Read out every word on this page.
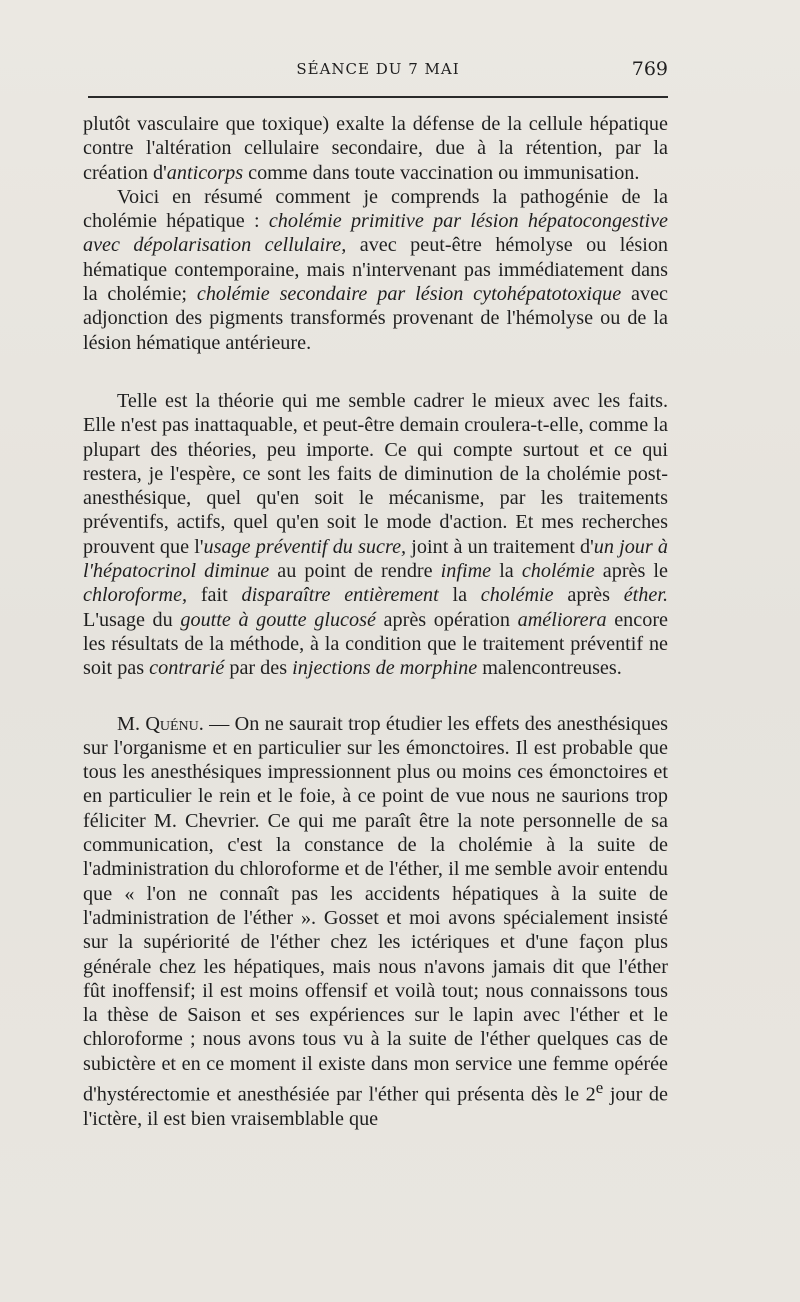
SÉANCE DU 7 MAI	769

plutôt vasculaire que toxique) exalte la défense de la cellule hépatique contre l'altération cellulaire secondaire, due à la rétention, par la création d'anticorps comme dans toute vaccination ou immunisation.

Voici en résumé comment je comprends la pathogénie de la cholémie hépatique : cholémie primitive par lésion hépatocongestive avec dépolarisation cellulaire, avec peut-être hémolyse ou lésion hématique contemporaine, mais n'intervenant pas immédiatement dans la cholémie; cholémie secondaire par lésion cytohépatotoxique avec adjonction des pigments transformés provenant de l'hémolyse ou de la lésion hématique antérieure.

Telle est la théorie qui me semble cadrer le mieux avec les faits. Elle n'est pas inattaquable, et peut-être demain croulera-t-elle, comme la plupart des théories, peu importe. Ce qui compte surtout et ce qui restera, je l'espère, ce sont les faits de diminution de la cholémie post-anesthésique, quel qu'en soit le mécanisme, par les traitements préventifs, actifs, quel qu'en soit le mode d'action. Et mes recherches prouvent que l'usage préventif du sucre, joint à un traitement d'un jour à l'hépatocrinol diminue au point de rendre infime la cholémie après le chloroforme, fait disparaître entièrement la cholémie après éther. L'usage du goutte à goutte glucosé après opération améliorera encore les résultats de la méthode, à la condition que le traitement préventif ne soit pas contrarié par des injections de morphine malencontreuses.

M. Quénu. — On ne saurait trop étudier les effets des anesthésiques sur l'organisme et en particulier sur les émonctoires. Il est probable que tous les anesthésiques impressionnent plus ou moins ces émonctoires et en particulier le rein et le foie, à ce point de vue nous ne saurions trop féliciter M. Chevrier. Ce qui me paraît être la note personnelle de sa communication, c'est la constance de la cholémie à la suite de l'administration du chloroforme et de l'éther, il me semble avoir entendu que « l'on ne connaît pas les accidents hépatiques à la suite de l'administration de l'éther ». Gosset et moi avons spécialement insisté sur la supériorité de l'éther chez les ictériques et d'une façon plus générale chez les hépatiques, mais nous n'avons jamais dit que l'éther fût inoffensif; il est moins offensif et voilà tout; nous connaissons tous la thèse de Saison et ses expériences sur le lapin avec l'éther et le chloroforme ; nous avons tous vu à la suite de l'éther quelques cas de subictère et en ce moment il existe dans mon service une femme opérée d'hystérectomie et anesthésiée par l'éther qui présenta dès le 2e jour de l'ictère, il est bien vraisemblable que
